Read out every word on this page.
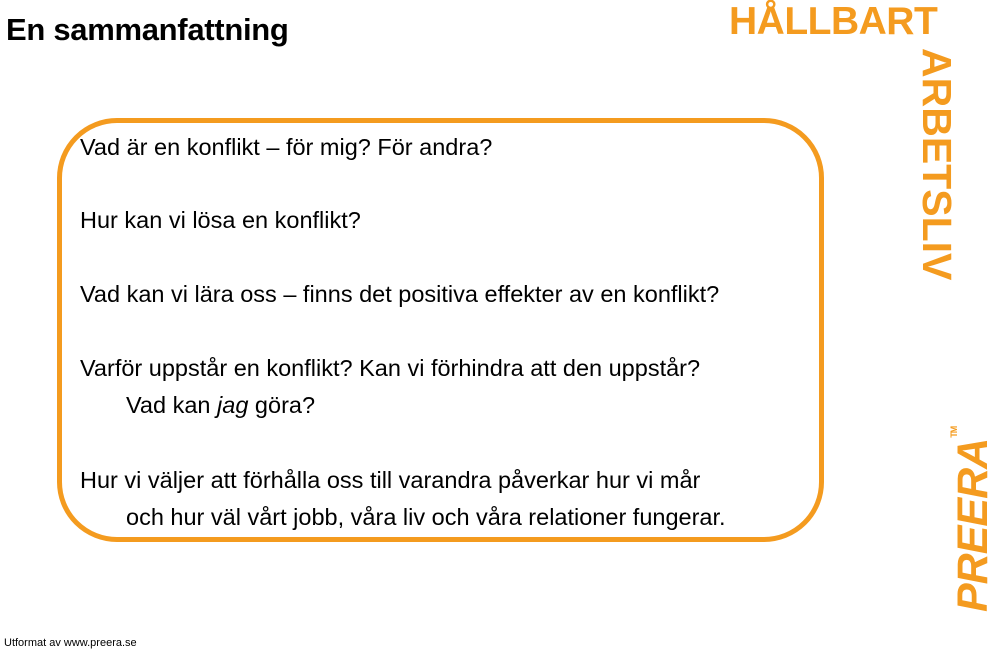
En sammanfattning	HÅLLBART
ARBETSLIV

Vad är en konflikt – för mig? För andra?

Hur kan vi lösa en konflikt?

Vad kan vi lära oss – finns det positiva effekter av en konflikt?

Varför uppstår en konflikt? Kan vi förhindra att den uppstår?
Vad kan jag göra?
Hur vi väljer att förhålla oss till varandra påverkar hur vi mår
och hur väl vårt jobb, våra liv och våra relationer fungerar.	PREERA™
Utformat av www.preera.se
